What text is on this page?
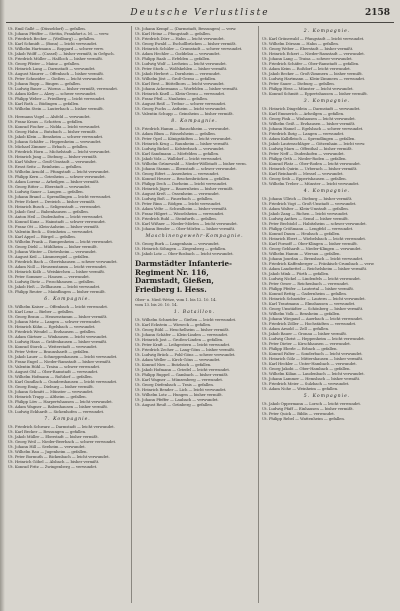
Deutsche Verlustliste	2158
Ut. Emil Gallé — (Düsseldorf) — gefallen.
Ut. Johann Pfeiffer — Stettin, Frankfurt a. M. — verw.
Ut. Friedrich Becker — (Weilburg) — gefallen.
Ut. Karl Schmidt — (Bonn) — leicht verwundet.
Ut. Wilhelm Hartmann — Boppard — schwer verw.
Ut. Jakob Wolff — (Cassel) — bisher vermißt, in Gefgsch.
Ut. Friedrich Müller — Haßloch — bisher vermißt.
Ut. Georg Pfister — Mainz — gefallen.
Ut. Heinrich Lang — Darmstadt — verwundet.
Ut. August Maurer — Offenbach — bisher vermißt.
Ut. Peter Schneider — Gießen — leicht verwundet.
Ut. Johann Rupp — Bingen — gefallen.
Ut. Ludwig Bauer — Worms — bisher vermißt, verwundet.
Ut. Adam Keller — Alzey — schwer verwundet.
Ut. Philipp Weber — Friedberg — leicht verwundet.
Ut. Karl Roth — Büdingen — gefallen.
Ut. Wilhelm Stein — Lauterbach — bisher vermißt.
Ut. Hermann Vogel — Alsfeld — verwundet.
Ut. Franz Kraus — Schotten — gefallen.
Ut. Konrad Fischer — Nidda — leicht verwundet.
Ut. Georg Hahn — Butzbach — bisher vermißt.
Ut. Jakob Klein — Bensheim — schwer verwundet.
Ut. Johann Schäfer — Heppenheim — verwundet.
Ut. Michael Zimmer — Erbach — gefallen.
Ut. Friedrich Horn — Michelstadt — leicht verwundet.
Ut. Heinrich Jung — Dieburg — bisher vermißt.
Ut. Karl Walter — Groß-Umstadt — verwundet.
Ut. Ernst Seitz — Reinheim — gefallen.
Ut. Wilhelm Arnold — Pfungstadt — leicht verwundet.
Ut. Philipp Kern — Griesheim — schwer verwundet.
Ut. Adam Lorenz — Arheilgen — bisher vermißt.
Ut. Georg Ritter — Eberstadt — verwundet.
Ut. Ludwig Sauer — Langen — gefallen.
Ut. Johann Brand — Sprendlingen — leicht verwundet.
Ut. Peter Eckert — Dreieich — bisher vermißt.
Ut. Heinrich Busch — Seligenstadt — verwundet.
Ut. Jakob Graf — Babenhausen — gefallen.
Ut. Anton Heil — Dudenhofen — leicht verwundet.
Ut. Konrad Kunz — Hainstadt — schwer verwundet.
Ut. Franz Ott — Klein-Auheim — bisher vermißt.
Ut. Valentin Beck — Steinheim — verwundet.
Ut. Karl Appel — Bürgel — gefallen.
Ut. Wilhelm Frank — Rumpenheim — leicht verwundet.
Ut. Georg Diehl — Mühlheim — bisher vermißt.
Ut. Johann Winter — Dietesheim — verwundet.
Ut. August Keil — Lämmerspiel — gefallen.
Ut. Friedrich Bach — Obertshausen — schwer verwundet.
Ut. Adam Noll — Heusenstamm — leicht verwundet.
Ut. Heinrich Kolb — Weiskirchen — bisher vermißt.
Ut. Peter Sommer — Hausen — verwundet.
Ut. Ludwig Dietz — Froschhausen — gefallen.
Ut. Jakob Heß — Zellhausen — leicht verwundet.
Ut. Philipp Reuter — Mainflingen — bisher vermißt.
6. Kompagnie.
Ut. Wilhelm Kaiser — Offenbach — leicht verwundet.
Ut. Karl Lenz — Bieber — gefallen.
Ut. Georg Braun — Heusenstamm — bisher vermißt.
Ut. Johann Metz — Langen — schwer verwundet.
Ut. Heinrich Kühn — Egelsbach — verwundet.
Ut. Friedrich Wendel — Erzhausen — gefallen.
Ut. Adam Gärtner — Wixhausen — leicht verwundet.
Ut. Ludwig Haas — Gräfenhausen — bisher vermißt.
Ut. Konrad Storck — Weiterstadt — verwundet.
Ut. Peter Vetter — Braunshardt — gefallen.
Ut. Jakob Lauer — Schneppenhausen — leicht verwundet.
Ut. Franz Engel — Nieder-Ramstadt — bisher vermißt.
Ut. Valentin Rühl — Traisa — schwer verwundet.
Ut. August Ohl — Ober-Ramstadt — verwundet.
Ut. Wilhelm Hofmann — Roßdorf — gefallen.
Ut. Karl Gundlach — Gundernhausen — leicht verwundet.
Ut. Georg Emig — Dieburg — bisher vermißt.
Ut. Johann Schmitt — Münster — verwundet.
Ut. Heinrich Trapp — Altheim — gefallen.
Ut. Philipp Löw — Harpertshausen — leicht verwundet.
Ut. Adam Wagner — Babenhausen — bisher vermißt.
Ut. Ludwig Eckhardt — Sickenhofen — verwundet.
7. Kompagnie.
Ut. Friedrich Schwarz — Darmstadt — leicht verwundet.
Ut. Karl Becker — Bessungen — gefallen.
Ut. Jakob Müller — Eberstadt — bisher vermißt.
Ut. Georg Weil — Nieder-Beerbach — schwer verwundet.
Ut. Johann Hill — Seeheim — verwundet.
Ut. Wilhelm Rau — Jugenheim — gefallen.
Ut. Peter Bormuth — Bickenbach — leicht verwundet.
Ut. Heinrich Göbel — Alsbach — bisher vermißt.
Ut. Konrad Fritz — Zwingenberg — verwundet.
Ut. Johann Kempf — (Darmstadt, Bessungen) — verw.
Ut. Karl Heinz — Pfungstadt — gefallen.
Ut. Friedrich Dörr — Hahn — leicht verwundet.
Ut. Georg Ewald — Eschollbrücken — bisher vermißt.
Ut. Heinrich Schüler — Crumstadt — schwer verwundet.
Ut. Adam Hechler — Goddelau — verwundet.
Ut. Philipp Raab — Erfelden — gefallen.
Ut. Ludwig Wolf — Leeheim — leicht verwundet.
Ut. Peter Stork — Wolfskehlen — bisher vermißt.
Ut. Jakob Herbert — Dornheim — verwundet.
Ut. Wilhelm Jöst — Groß-Gerau — gefallen.
Ut. Karl Best — Büttelborn — leicht verwundet.
Ut. Johann Ackermann — Worfelden — bisher vermißt.
Ut. Heinrich Knell — Klein-Gerau — verwundet.
Ut. Franz Pfeil — Nauheim — gefallen.
Ut. August Reiß — Trebur — schwer verwundet.
Ut. Georg Fuchs — Astheim — leicht verwundet.
Ut. Valentin Schupp — Geinsheim — bisher vermißt.
8. Kompagnie.
Ut. Friedrich Hamm — Bauschheim — verwundet.
Ut. Adam Blum — Rüsselsheim — gefallen.
Ut. Peter Opel — Königstädten — leicht verwundet.
Ut. Heinrich Krug — Raunheim — bisher vermißt.
Ut. Ludwig Bickel — Kelsterbach — verwundet.
Ut. Karl Sandmann — Mörfelden — gefallen.
Ut. Jakob Volz — Walldorf — leicht verwundet.
Ut. Wilhelm Grünewald — Nieder-Wöllstadt — bisher verm.
Ut. Johann Stamm — Ilbenstadt — schwer verwundet.
Ut. Georg Eifert — Assenheim — verwundet.
Ut. Konrad Heuser — Bruchenbrücken — gefallen.
Ut. Philipp Dech — Dorheim — leicht verwundet.
Ut. Heinrich Jäger — Bauernheim — bisher vermißt.
Ut. August Kreß — Ossenheim — verwundet.
Ut. Ludwig Boß — Fauerbach — gefallen.
Ut. Peter Rinn — Rödgen — leicht verwundet.
Ut. Adam Velte — Schwalheim — bisher vermißt.
Ut. Franz Hilgert — Wisselsheim — verwundet.
Ut. Friedrich Ruhl — Steinfurth — gefallen.
Ut. Karl Wißner — Nieder-Mörlen — leicht verwundet.
Ut. Johann Bender — Ober-Mörlen — bisher vermißt.
Maschinengewehr-Kompagnie.
Ut. Georg Burk — Langenhain — verwundet.
Ut. Heinrich Söhngen — Ziegenberg — gefallen.
Ut. Jakob Lotz — Ober-Rosbach — leicht verwundet.
Darmstädter Infanterie-Regiment Nr. 116, Darmstadt, Gießen, Friedberg i. Hess.
Ober- u. Nied.-Wetze, vom 1. bis 12. 10. 14.
vom 13. bis 20. 10. 14.
1. Bataillon.
Ut. Wilhelm Schneider — Gießen — leicht verwundet.
Ut. Karl Eckstein — Wieseck — gefallen.
Ut. Georg Rühl — Heuchelheim — bisher vermißt.
Ut. Johann Schäfer — Klein-Linden — verwundet.
Ut. Heinrich Jost — Großen-Linden — gefallen.
Ut. Peter Kraft — Leihgestern — leicht verwundet.
Ut. Friedrich Zecher — Lang-Göns — bisher vermißt.
Ut. Ludwig Brück — Pohl-Göns — schwer verwundet.
Ut. Adam Weller — Kirch-Göns — verwundet.
Ut. Konrad Nies — Butzbach — gefallen.
Ut. Jakob Hofmann — Griedel — leicht verwundet.
Ut. Philipp Ruppel — Gambach — bisher vermißt.
Ut. Karl Wagner — Münzenberg — verwundet.
Ut. Georg Diefenbach — Trais — gefallen.
Ut. Heinrich Bender — Lich — leicht verwundet.
Ut. Wilhelm Lotz — Hungen — bisher vermißt.
Ut. Johann Pfeffer — Laubach — verwundet.
Ut. August Reuß — Grünberg — gefallen.
2. Kompagnie.
Ut. Karl Grünewald — Pfungstadt — leicht verwundet.
Ut. Wilhelm Dörsam — Hahn — gefallen.
Ut. Georg Weber — Eberstadt — bisher vermißt.
Ut. Heinrich Eckert — Nieder-Ramstadt — verwundet.
Ut. Johann Lang — Traisa — schwer verwundet.
Ut. Friedrich Schäfer — Ober-Ramstadt — gefallen.
Ut. Adam Keim — Roßdorf — leicht verwundet.
Ut. Jakob Becker — Groß-Zimmern — bisher vermißt.
Ut. Ludwig Hartmann — Klein-Zimmern — verwundet.
Ut. Peter Sauer — Dieburg — gefallen.
Ut. Philipp Hess — Münster — leicht verwundet.
Ut. Konrad Schmitt — Eppertshausen — bisher vermißt.
3. Kompagnie.
Ut. Heinrich Dingeldein — Darmstadt — verwundet.
Ut. Karl Emmerich — Arheilgen — gefallen.
Ut. Georg Fink — Wixhausen — leicht verwundet.
Ut. Wilhelm Geiß — Erzhausen — bisher vermißt.
Ut. Johann Hamel — Egelsbach — schwer verwundet.
Ut. Friedrich Ihrig — Langen — verwundet.
Ut. Adam Kalbfleisch — Sprendlingen — gefallen.
Ut. Jakob Lautenschläger — Götzenhain — leicht verw.
Ut. Ludwig Marx — Offenthal — bisher vermißt.
Ut. Peter Neff — Dudenhofen — verwundet.
Ut. Philipp Orth — Nieder-Roden — gefallen.
Ut. Konrad Platz — Ober-Roden — leicht verwundet.
Ut. Heinrich Quirin — Urberach — bisher vermißt.
Ut. Karl Reinhardt — Messel — verwundet.
Ut. Georg Seib — Eppertshausen — gefallen.
Ut. Wilhelm Treber — Münster — leicht verwundet.
4. Kompagnie.
Ut. Johann Ullrich — Dieburg — bisher vermißt.
Ut. Friedrich Vogt — Groß-Umstadt — verwundet.
Ut. Adam Walter — Klein-Umstadt — gefallen.
Ut. Jakob Zang — Richen — leicht verwundet.
Ut. Ludwig Anthes — Semd — bisher vermißt.
Ut. Peter Bechtold — Habitzheim — schwer verwundet.
Ut. Philipp Crößmann — Lengfeld — verwundet.
Ut. Konrad Daum — Heubach — gefallen.
Ut. Heinrich Ebert — Wiebelsbach — leicht verwundet.
Ut. Karl Fornoff — Ober-Klingen — bisher vermißt.
Ut. Georg Gebhardt — Nieder-Klingen — verwundet.
Ut. Wilhelm Hamm — Wersau — gefallen.
Ut. Johann Jourdan — Brensbach — leicht verwundet.
Ut. Friedrich Kaffenberger — Fränkisch-Crumbach — verw.
Ut. Adam Landzettel — Reichelsheim — bisher vermißt.
Ut. Jakob Mink — Fürth — gefallen.
Ut. Ludwig Nickel — Lindenfels — leicht verwundet.
Ut. Peter Oeser — Reichenbach — verwundet.
Ut. Philipp Pfeifer — Lautertal — bisher vermißt.
Ut. Konrad Rettig — Gadernheim — gefallen.
Ut. Heinrich Schneider — Lautern — leicht verwundet.
Ut. Karl Trautmann — Elmshausen — verwundet.
Ut. Georg Umstädter — Schönberg — bisher vermißt.
Ut. Wilhelm Volk — Bensheim — gefallen.
Ut. Johann Wiegand — Auerbach — leicht verwundet.
Ut. Friedrich Zöller — Hochstädten — verwundet.
Ut. Adam Arnold — Zell — gefallen.
Ut. Jakob Bauer — Gronau — bisher vermißt.
Ut. Ludwig Christ — Heppenheim — leicht verwundet.
Ut. Peter Dieter — Kirschhausen — verwundet.
Ut. Philipp Eberle — Erbach — gefallen.
Ut. Konrad Falter — Sonderbach — leicht verwundet.
Ut. Heinrich Gölz — Mittershausen — bisher vermißt.
Ut. Karl Heckler — Unter-Hambach — verwundet.
Ut. Georg Jakobi — Ober-Hambach — gefallen.
Ut. Wilhelm Kilian — Laudenbach — leicht verwundet.
Ut. Johann Lammer — Hemsbach — bisher vermißt.
Ut. Friedrich Meier — Sulzbach — verwundet.
Ut. Adam Nohe — Weinheim — gefallen.
5. Kompagnie.
Ut. Jakob Oppermann — Lorsch — leicht verwundet.
Ut. Ludwig Pfaff — Einhausen — bisher vermißt.
Ut. Peter Quick — Biblis — verwundet.
Ut. Philipp Rebel — Wattenheim — gefallen.
